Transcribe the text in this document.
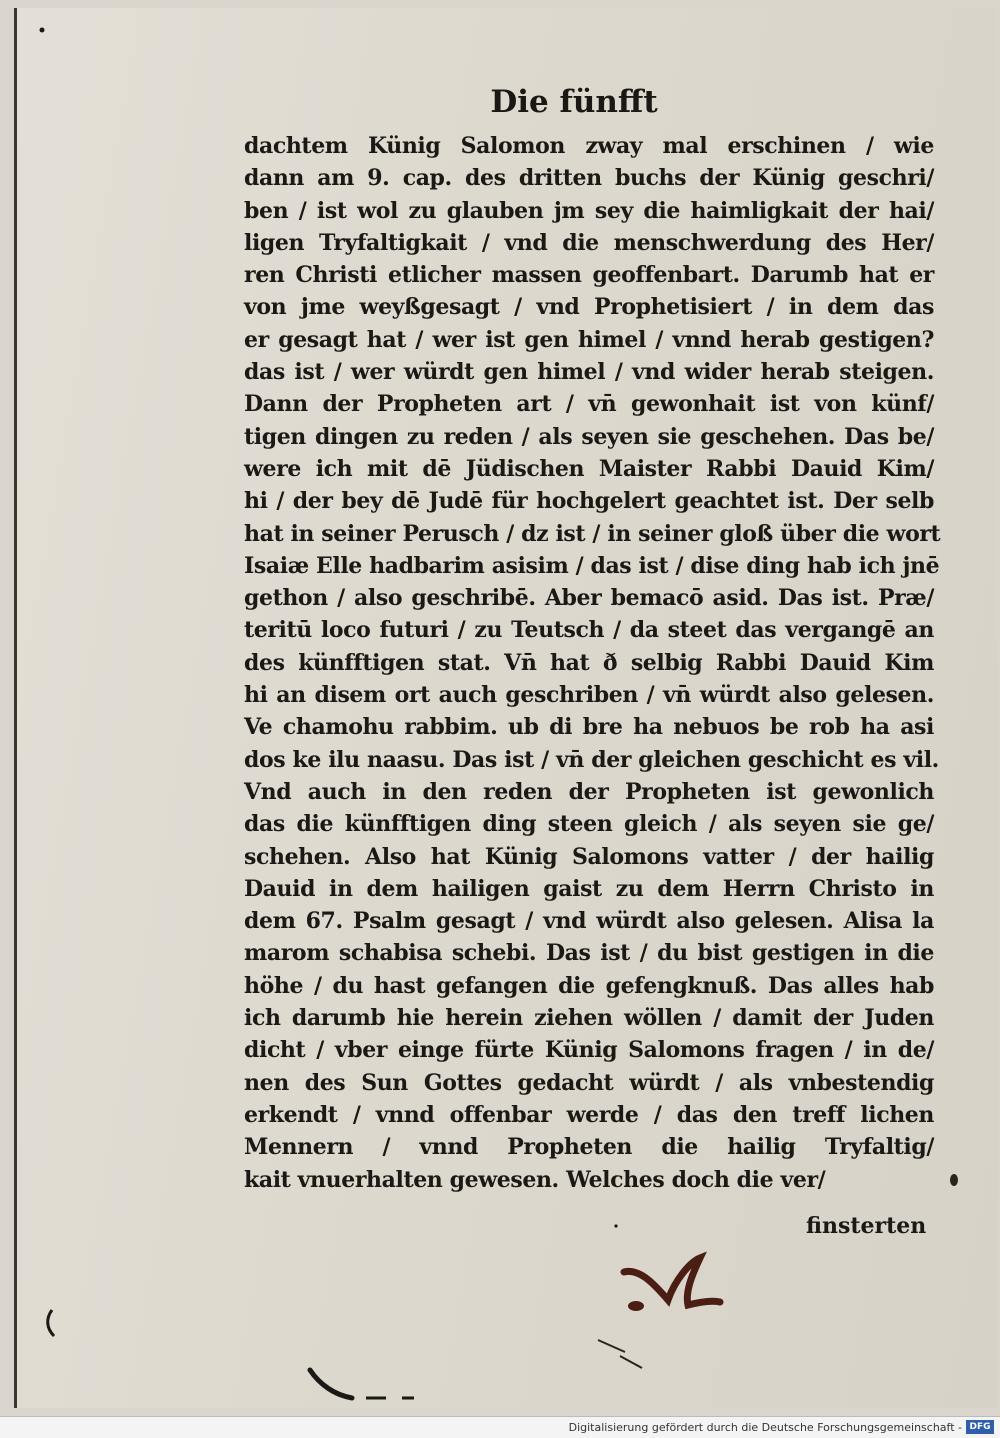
Die fünfft
dachtem Künig Salomon zway mal erschinen / wie
dann am 9. cap. des dritten buchs der Künig geschri/
ben / ist wol zu glauben jm sey die haimligkait der hai/
ligen Tryfaltigkait / vnd die menschwerdung des Her/
ren Christi etlicher massen geoffenbart. Darumb hat er
von jme weyßgesagt / vnd Prophetisiert / in dem das
er gesagt hat / wer ist gen himel / vnnd herab gestigen?
das ist / wer würdt gen himel / vnd wider herab steigen.
Dann der Propheten art / vn̄ gewonhait ist von künf/
tigen dingen zu reden / als seyen sie geschehen. Das be/
were ich mit dē Jüdischen Maister Rabbi Dauid Kim/
hi / der bey dē Judē für hochgelert geachtet ist. Der selb
hat in seiner Perusch / dz ist / in seiner gloß über die wort
Isaiæ Elle hadbarim asisim / das ist / dise ding hab ich jnē
gethon / also geschribē. Aber bemacō asid. Das ist. Præ/
teritū loco futuri / zu Teutsch / da steet das vergangē an
des künfftigen stat. Vn̄ hat ð selbig Rabbi Dauid Kim
hi an disem ort auch geschriben / vn̄ würdt also gelesen.
Ve chamohu rabbim. ub di bre ha nebuos be rob ha asi
dos ke ilu naasu. Das ist / vn̄ der gleichen geschicht es vil.
Vnd auch in den reden der Propheten ist gewonlich
das die künfftigen ding steen gleich / als seyen sie ge/
schehen. Also hat Künig Salomons vatter / der hailig
Dauid in dem hailigen gaist zu dem Herrn Christo in
dem 67. Psalm gesagt / vnd würdt also gelesen. Alisa la
marom schabisa schebi. Das ist / du bist gestigen in die
höhe / du hast gefangen die gefengknuß. Das alles hab
ich darumb hie herein ziehen wöllen / damit der Juden
dicht / vber einge fürte Künig Salomons fragen / in de/
nen des Sun Gottes gedacht würdt / als vnbestendig
erkendt / vnnd offenbar werde / das den treff lichen
Mennern / vnnd Propheten die hailig Tryfaltig/
kait vnuerhalten gewesen. Welches doch die ver/
finsterten
Digitalisierung gefördert durch die Deutsche Forschungsgemeinschaft - DFG
